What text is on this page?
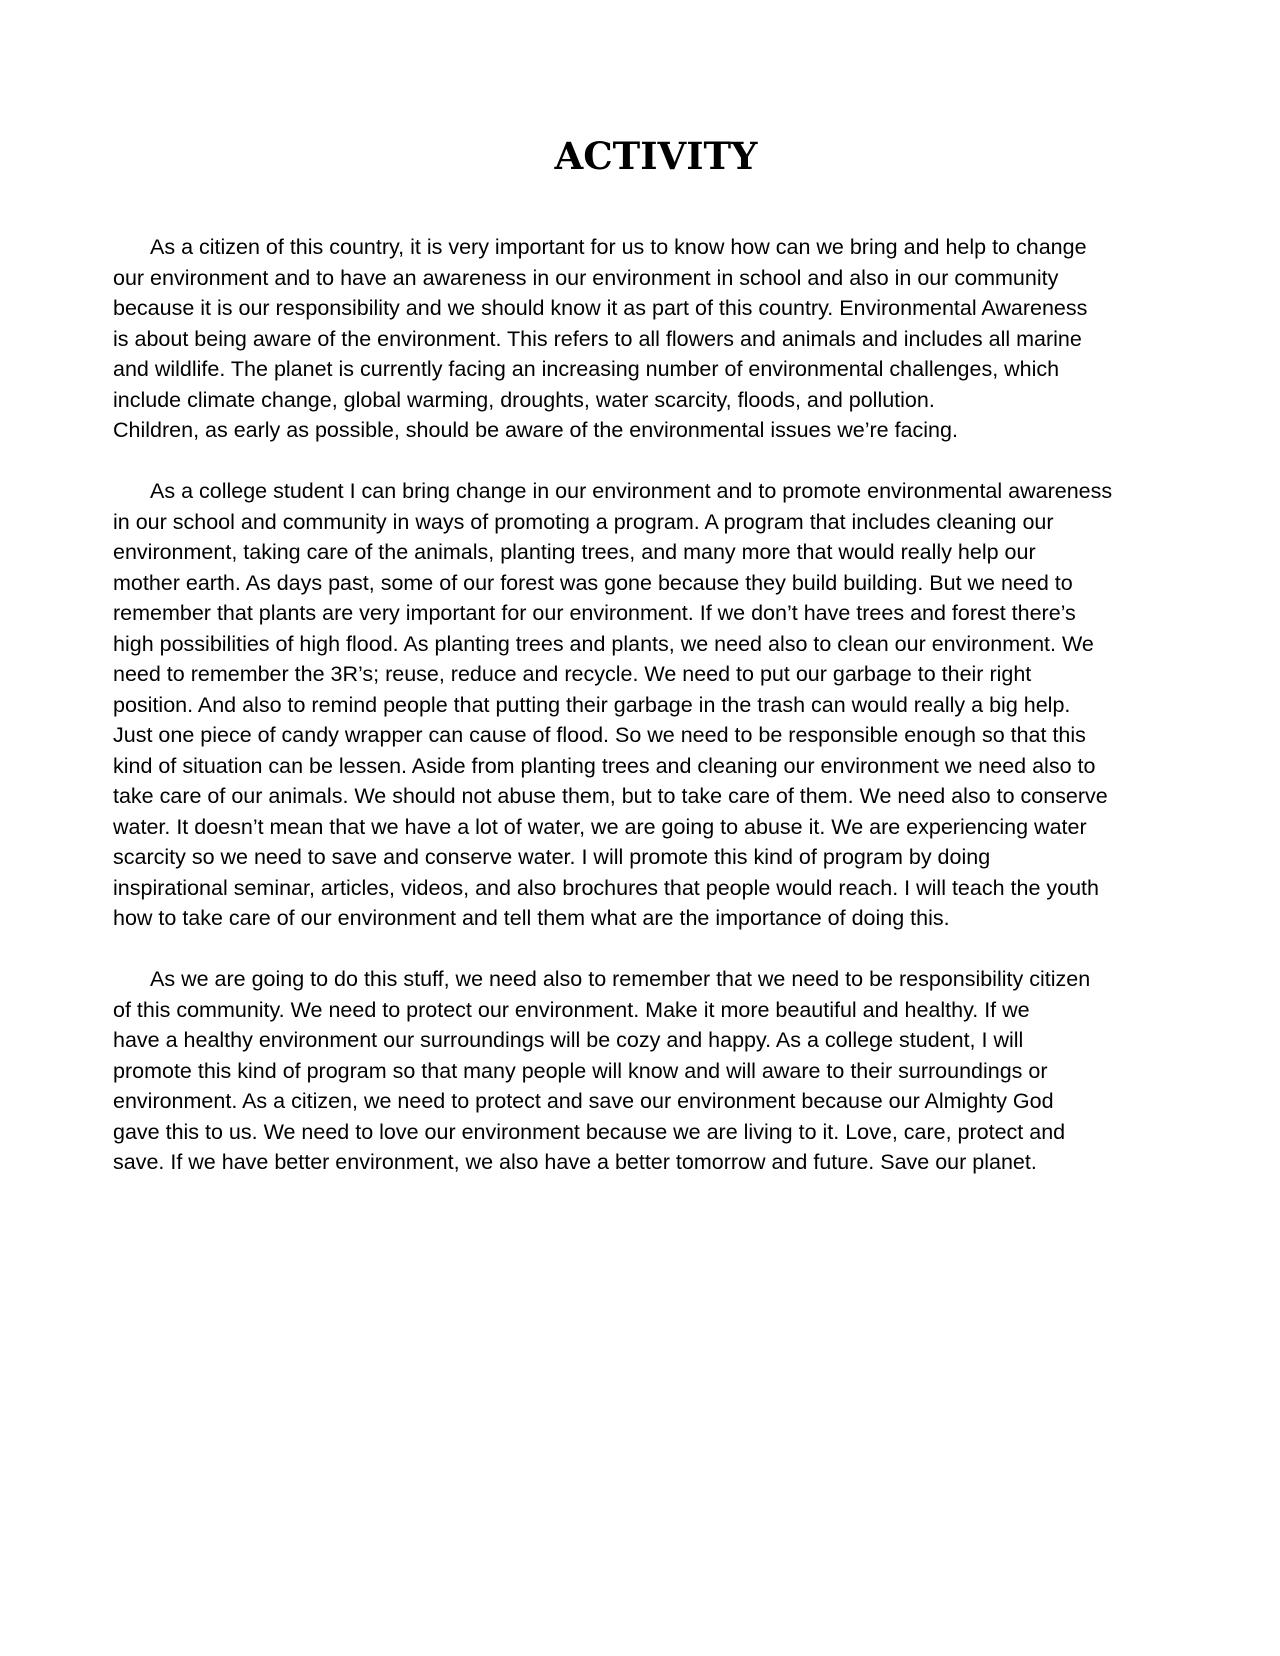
ACTIVITY

As a citizen of this country, it is very important for us to know how can we bring and help to change
our environment and to have an awareness in our environment in school and also in our community
because it is our responsibility and we should know it as part of this country. Environmental Awareness
is about being aware of the environment. This refers to all flowers and animals and includes all marine
and wildlife. The planet is currently facing an increasing number of environmental challenges, which
include climate change, global warming, droughts, water scarcity, floods, and pollution.
Children, as early as possible, should be aware of the environmental issues we’re facing.

As a college student I can bring change in our environment and to promote environmental awareness
in our school and community in ways of promoting a program. A program that includes cleaning our
environment, taking care of the animals, planting trees, and many more that would really help our
mother earth. As days past, some of our forest was gone because they build building. But we need to
remember that plants are very important for our environment. If we don’t have trees and forest there’s
high possibilities of high flood. As planting trees and plants, we need also to clean our environment. We
need to remember the 3R’s; reuse, reduce and recycle. We need to put our garbage to their right
position. And also to remind people that putting their garbage in the trash can would really a big help.
Just one piece of candy wrapper can cause of flood. So we need to be responsible enough so that this
kind of situation can be lessen. Aside from planting trees and cleaning our environment we need also to
take care of our animals. We should not abuse them, but to take care of them. We need also to conserve
water. It doesn’t mean that we have a lot of water, we are going to abuse it. We are experiencing water
scarcity so we need to save and conserve water. I will promote this kind of program by doing
inspirational seminar, articles, videos, and also brochures that people would reach. I will teach the youth
how to take care of our environment and tell them what are the importance of doing this.

As we are going to do this stuff, we need also to remember that we need to be responsibility citizen
of this community. We need to protect our environment. Make it more beautiful and healthy. If we
have a healthy environment our surroundings will be cozy and happy. As a college student, I will
promote this kind of program so that many people will know and will aware to their surroundings or
environment. As a citizen, we need to protect and save our environment because our Almighty God
gave this to us. We need to love our environment because we are living to it. Love, care, protect and
save. If we have better environment, we also have a better tomorrow and future. Save our planet.
